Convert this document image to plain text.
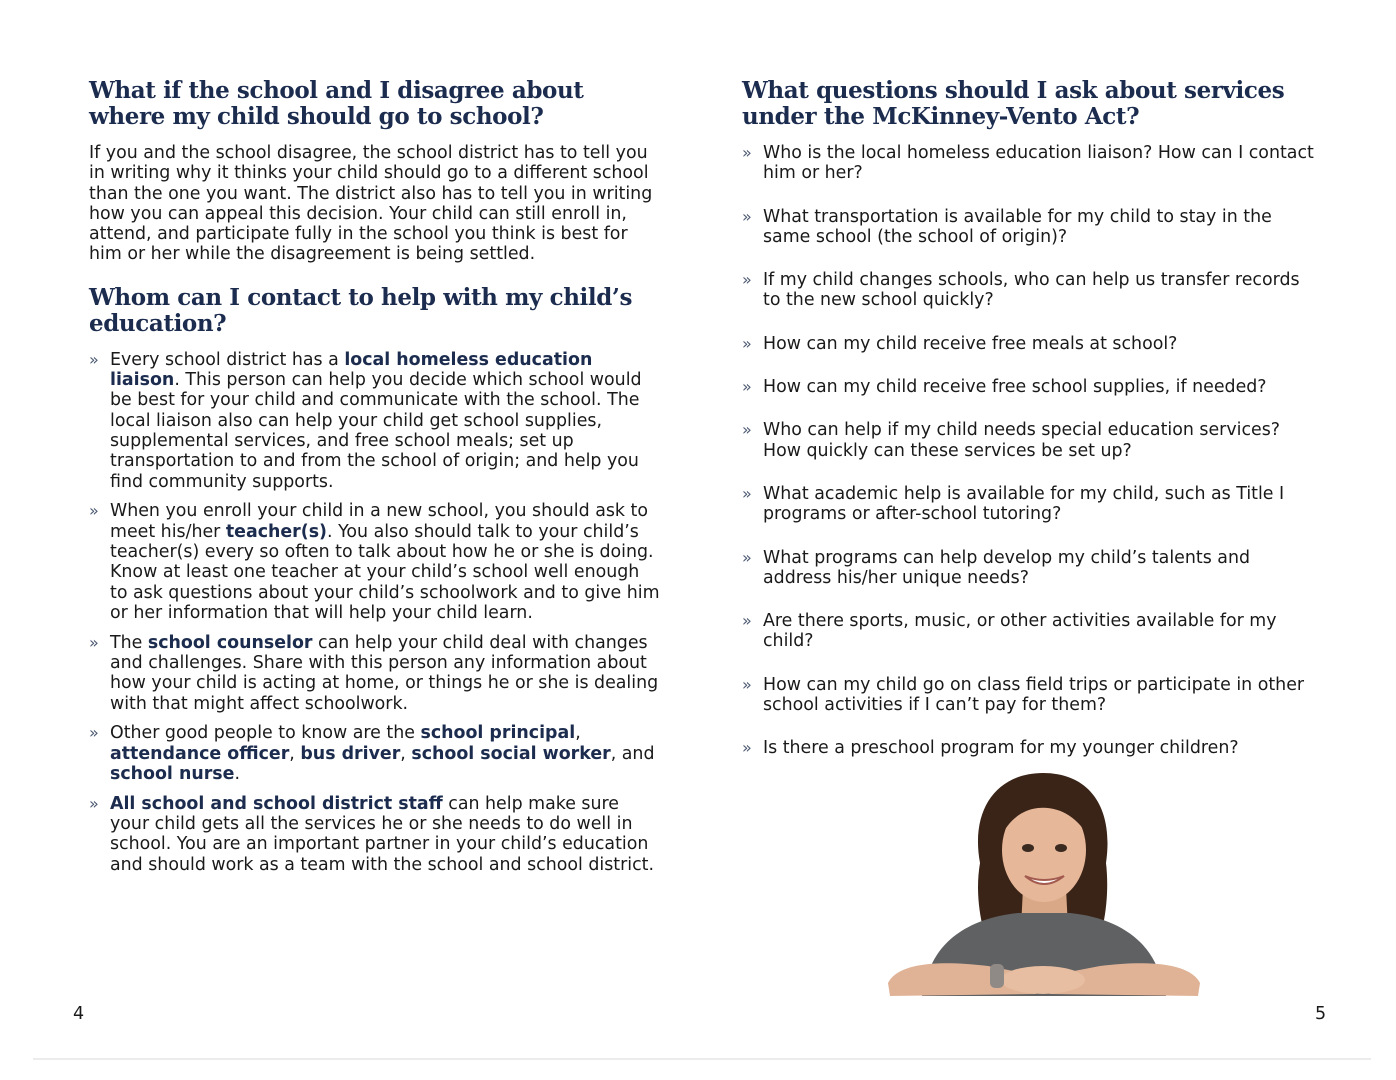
What if the school and I disagree about where my child should go to school?

If you and the school disagree, the school district has to tell you in writing why it thinks your child should go to a different school than the one you want. The district also has to tell you in writing how you can appeal this decision. Your child can still enroll in, attend, and participate fully in the school you think is best for him or her while the disagreement is being settled.

Whom can I contact to help with my child’s education?
» Every school district has a local homeless education liaison. This person can help you decide which school would be best for your child and communicate with the school. The local liaison also can help your child get school supplies, supplemental services, and free school meals; set up transportation to and from the school of origin; and help you find community supports.
» When you enroll your child in a new school, you should ask to meet his/her teacher(s). You also should talk to your child’s teacher(s) every so often to talk about how he or she is doing. Know at least one teacher at your child’s school well enough to ask questions about your child’s schoolwork and to give him or her information that will help your child learn.
» The school counselor can help your child deal with changes and challenges. Share with this person any information about how your child is acting at home, or things he or she is dealing with that might affect schoolwork.
» Other good people to know are the school principal, attendance officer, bus driver, school social worker, and school nurse.
» All school and school district staff can help make sure your child gets all the services he or she needs to do well in school. You are an important partner in your child’s education and should work as a team with the school and school district.
What questions should I ask about services under the McKinney-Vento Act?
» Who is the local homeless education liaison? How can I contact him or her?
» What transportation is available for my child to stay in the same school (the school of origin)?
» If my child changes schools, who can help us transfer records to the new school quickly?
» How can my child receive free meals at school?
» How can my child receive free school supplies, if needed?
» Who can help if my child needs special education services? How quickly can these services be set up?
» What academic help is available for my child, such as Title I programs or after-school tutoring?
» What programs can help develop my child’s talents and address his/her unique needs?
» Are there sports, music, or other activities available for my child?
» How can my child go on class field trips or participate in other school activities if I can’t pay for them?
» Is there a preschool program for my younger children?
4	5
